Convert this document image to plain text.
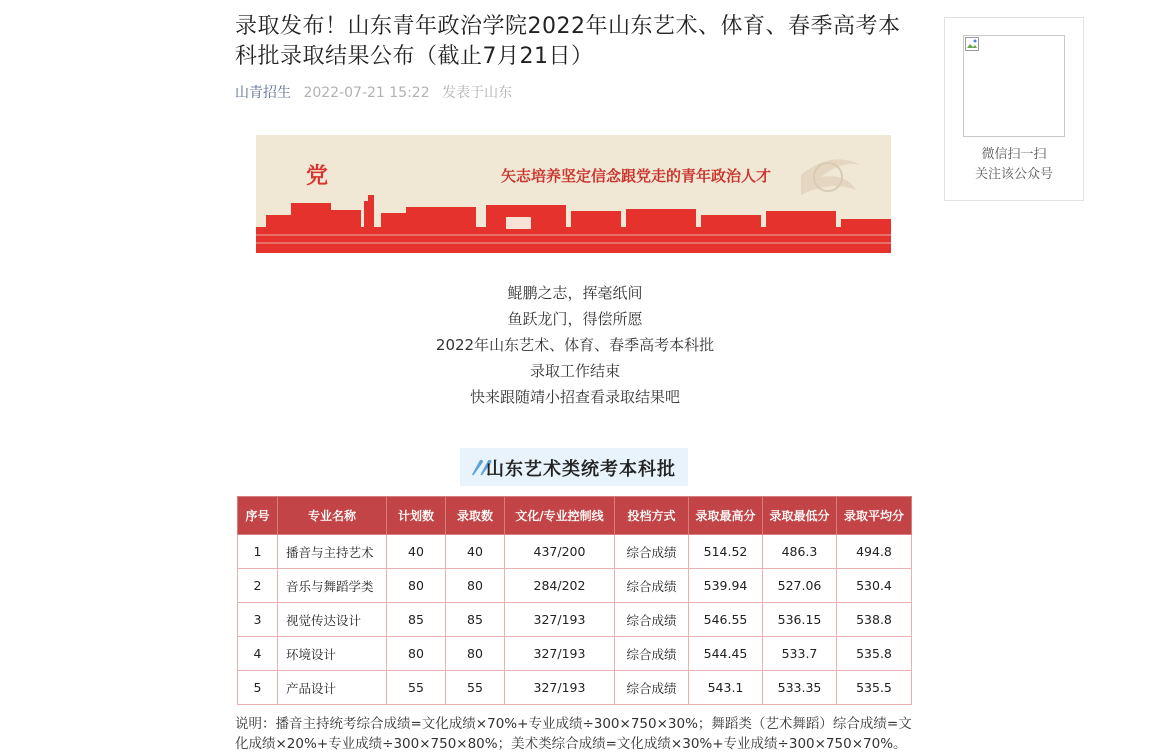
录取发布！山东青年政治学院2022年山东艺术、体育、春季高考本科批录取结果公布（截止7月21日）
山青招生 2022-07-21 15:22 发表于山东
党	矢志培养坚定信念跟党走的青年政治人才
鲲鹏之志，挥毫纸间
鱼跃龙门，得偿所愿
2022年山东艺术、体育、春季高考本科批
录取工作结束
快来跟随靖小招查看录取结果吧
〃
山东艺术类统考本科批
序号	专业名称	计划数	录取数	文化/专业控制线	投档方式	录取最高分	录取最低分	录取平均分
1	播音与主持艺术	40	40	437/200	综合成绩	514.52	486.3	494.8
2	音乐与舞蹈学类	80	80	284/202	综合成绩	539.94	527.06	530.4
3	视觉传达设计	85	85	327/193	综合成绩	546.55	536.15	538.8
4	环境设计	80	80	327/193	综合成绩	544.45	533.7	535.8
5	产品设计	55	55	327/193	综合成绩	543.1	533.35	535.5
说明：播音主持统考综合成绩=文化成绩×70%+专业成绩÷300×750×30%；舞蹈类（艺术舞蹈）综合成绩=文化成绩×20%+专业成绩÷300×750×80%；美术类综合成绩=文化成绩×30%+专业成绩÷300×750×70%。
微信扫一扫
关注该公众号
